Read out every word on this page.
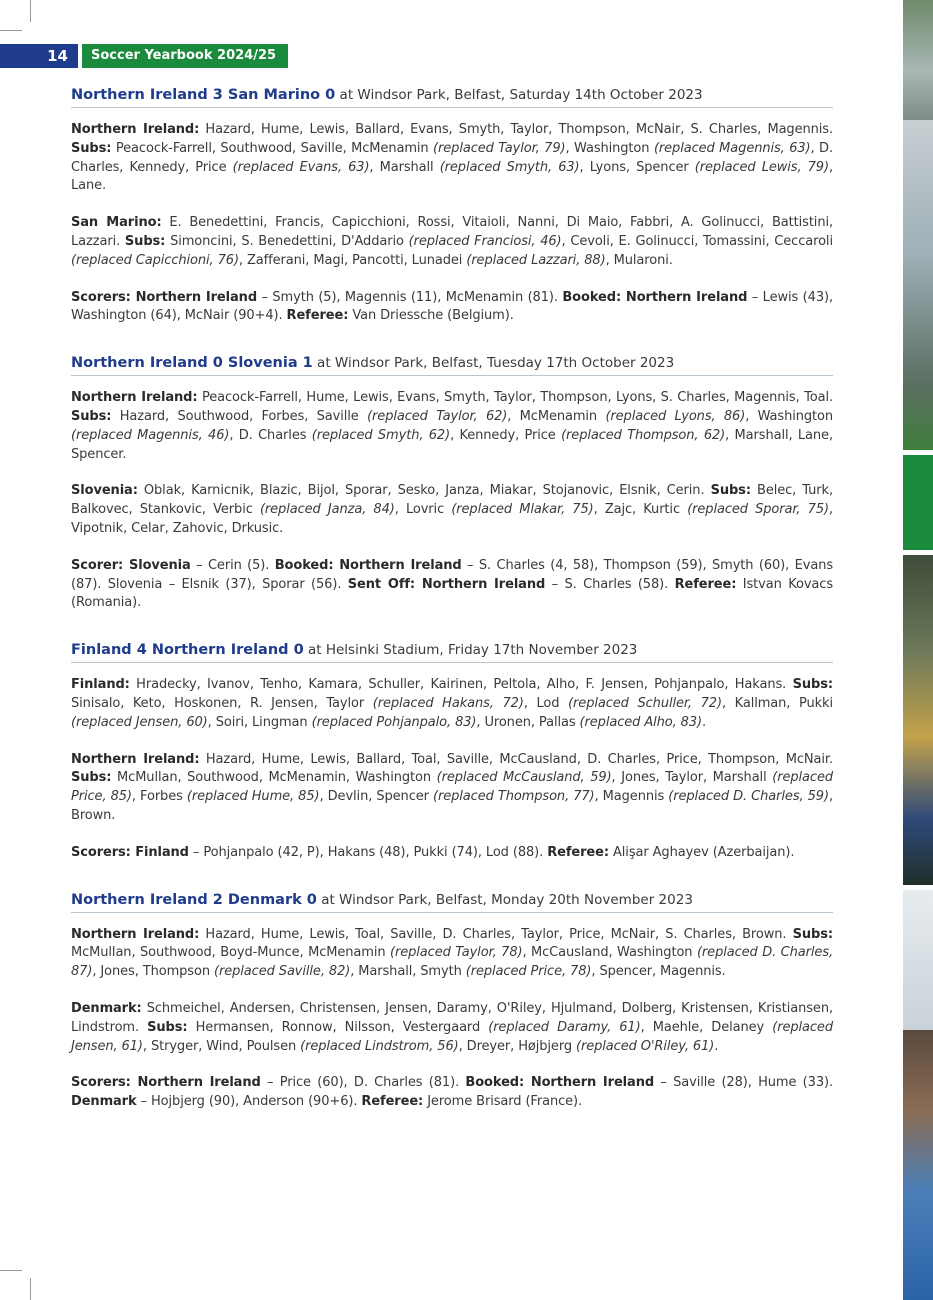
14	Soccer Yearbook 2024/25
Northern Ireland 3 San Marino 0 at Windsor Park, Belfast, Saturday 14th October 2023

Northern Ireland: Hazard, Hume, Lewis, Ballard, Evans, Smyth, Taylor, Thompson, McNair, S. Charles, Magennis. Subs: Peacock-Farrell, Southwood, Saville, McMenamin (replaced Taylor, 79), Washington (replaced Magennis, 63), D. Charles, Kennedy, Price (replaced Evans, 63), Marshall (replaced Smyth, 63), Lyons, Spencer (replaced Lewis, 79), Lane.

San Marino: E. Benedettini, Francis, Capicchioni, Rossi, Vitaioli, Nanni, Di Maio, Fabbri, A. Golinucci, Battistini, Lazzari. Subs: Simoncini, S. Benedettini, D'Addario (replaced Franciosi, 46), Cevoli, E. Golinucci, Tomassini, Ceccaroli (replaced Capicchioni, 76), Zafferani, Magi, Pancotti, Lunadei (replaced Lazzari, 88), Mularoni.

Scorers: Northern Ireland – Smyth (5), Magennis (11), McMenamin (81). Booked: Northern Ireland – Lewis (43), Washington (64), McNair (90+4). Referee: Van Driessche (Belgium).

Northern Ireland 0 Slovenia 1 at Windsor Park, Belfast, Tuesday 17th October 2023

Northern Ireland: Peacock-Farrell, Hume, Lewis, Evans, Smyth, Taylor, Thompson, Lyons, S. Charles, Magennis, Toal. Subs: Hazard, Southwood, Forbes, Saville (replaced Taylor, 62), McMenamin (replaced Lyons, 86), Washington (replaced Magennis, 46), D. Charles (replaced Smyth, 62), Kennedy, Price (replaced Thompson, 62), Marshall, Lane, Spencer.

Slovenia: Oblak, Karnicnik, Blazic, Bijol, Sporar, Sesko, Janza, Miakar, Stojanovic, Elsnik, Cerin. Subs: Belec, Turk, Balkovec, Stankovic, Verbic (replaced Janza, 84), Lovric (replaced Mlakar, 75), Zajc, Kurtic (replaced Sporar, 75), Vipotnik, Celar, Zahovic, Drkusic.

Scorer: Slovenia – Cerin (5). Booked: Northern Ireland – S. Charles (4, 58), Thompson (59), Smyth (60), Evans (87). Slovenia – Elsnik (37), Sporar (56). Sent Off: Northern Ireland – S. Charles (58). Referee: Istvan Kovacs (Romania).

Finland 4 Northern Ireland 0 at Helsinki Stadium, Friday 17th November 2023

Finland: Hradecky, Ivanov, Tenho, Kamara, Schuller, Kairinen, Peltola, Alho, F. Jensen, Pohjanpalo, Hakans. Subs: Sinisalo, Keto, Hoskonen, R. Jensen, Taylor (replaced Hakans, 72), Lod (replaced Schuller, 72), Kallman, Pukki (replaced Jensen, 60), Soiri, Lingman (replaced Pohjanpalo, 83), Uronen, Pallas (replaced Alho, 83).

Northern Ireland: Hazard, Hume, Lewis, Ballard, Toal, Saville, McCausland, D. Charles, Price, Thompson, McNair. Subs: McMullan, Southwood, McMenamin, Washington (replaced McCausland, 59), Jones, Taylor, Marshall (replaced Price, 85), Forbes (replaced Hume, 85), Devlin, Spencer (replaced Thompson, 77), Magennis (replaced D. Charles, 59), Brown.

Scorers: Finland – Pohjanpalo (42, P), Hakans (48), Pukki (74), Lod (88). Referee: Alişar Aghayev (Azerbaijan).

Northern Ireland 2 Denmark 0 at Windsor Park, Belfast, Monday 20th November 2023

Northern Ireland: Hazard, Hume, Lewis, Toal, Saville, D. Charles, Taylor, Price, McNair, S. Charles, Brown. Subs: McMullan, Southwood, Boyd-Munce, McMenamin (replaced Taylor, 78), McCausland, Washington (replaced D. Charles, 87), Jones, Thompson (replaced Saville, 82), Marshall, Smyth (replaced Price, 78), Spencer, Magennis.

Denmark: Schmeichel, Andersen, Christensen, Jensen, Daramy, O'Riley, Hjulmand, Dolberg, Kristensen, Kristiansen, Lindstrom. Subs: Hermansen, Ronnow, Nilsson, Vestergaard (replaced Daramy, 61), Maehle, Delaney (replaced Jensen, 61), Stryger, Wind, Poulsen (replaced Lindstrom, 56), Dreyer, Højbjerg (replaced O'Riley, 61).

Scorers: Northern Ireland – Price (60), D. Charles (81). Booked: Northern Ireland – Saville (28), Hume (33). Denmark – Hojbjerg (90), Anderson (90+6). Referee: Jerome Brisard (France).
